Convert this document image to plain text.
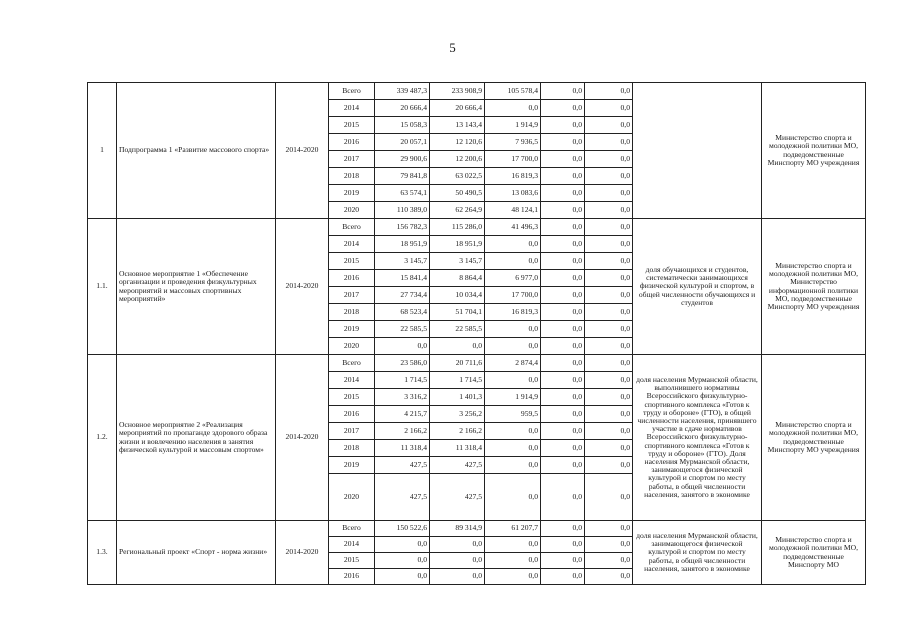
5
1	Подпрограмма 1 «Развитие массового спорта»	2014-2020	Всего	339 487,3	233 908,9	105 578,4	0,0	0,0		Министерство спорта и молодежной политики МО, подведомственные Минспорту МО учреждения
			2014	20 666,4	20 666,4	0,0	0,0	0,0		
			2015	15 058,3	13 143,4	1 914,9	0,0	0,0		
			2016	20 057,1	12 120,6	7 936,5	0,0	0,0		
			2017	29 900,6	12 200,6	17 700,0	0,0	0,0		
			2018	79 841,8	63 022,5	16 819,3	0,0	0,0		
			2019	63 574,1	50 490,5	13 083,6	0,0	0,0		
			2020	110 389,0	62 264,9	48 124,1	0,0	0,0		
1.1.	Основное мероприятие 1 «Обеспечение организации и проведения физкультурных мероприятий и массовых спортивных мероприятий»	2014-2020	Всего	156 782,3	115 286,0	41 496,3	0,0	0,0	доля обучающихся и студентов, систематически занимающихся физической культурой и спортом, в общей численности обучающихся и студентов	Министерство спорта и молодежной политики МО, Министерство информационной политики МО, подведомственные Минспорту МО учреждения
			2014	18 951,9	18 951,9	0,0	0,0	0,0		
			2015	3 145,7	3 145,7	0,0	0,0	0,0		
			2016	15 841,4	8 864,4	6 977,0	0,0	0,0		
			2017	27 734,4	10 034,4	17 700,0	0,0	0,0		
			2018	68 523,4	51 704,1	16 819,3	0,0	0,0		
			2019	22 585,5	22 585,5	0,0	0,0	0,0		
			2020	0,0	0,0	0,0	0,0	0,0		
1.2.	Основное мероприятие 2 «Реализация мероприятий по пропаганде здорового образа жизни и вовлечению населения в занятия физической культурой и массовым спортом»	2014-2020	Всего	23 586,0	20 711,6	2 874,4	0,0	0,0	доля населения Мурманской области, выполнившего нормативы Всероссийского физкультурно-спортивного комплекса «Готов к труду и обороне» (ГТО), в общей численности населения, принявшего участие в сдаче нормативов Всероссийского физкультурно-спортивного комплекса «Готов к труду и обороне» (ГТО). Доля населения Мурманской области, занимающегося физической культурой и спортом по месту работы, в общей численности населения, занятого в экономике	Министерство спорта и молодежной политики МО, подведомственные Минспорту МО учреждения
			2014	1 714,5	1 714,5	0,0	0,0	0,0		
			2015	3 316,2	1 401,3	1 914,9	0,0	0,0		
			2016	4 215,7	3 256,2	959,5	0,0	0,0		
			2017	2 166,2	2 166,2	0,0	0,0	0,0		
			2018	11 318,4	11 318,4	0,0	0,0	0,0		
			2019	427,5	427,5	0,0	0,0	0,0		
			2020	427,5	427,5	0,0	0,0	0,0		
1.3.	Региональный проект «Спорт - норма жизни»	2014-2020	Всего	150 522,6	89 314,9	61 207,7	0,0	0,0	доля населения Мурманской области, занимающегося физической культурой и спортом по месту работы, в общей численности населения, занятого в экономике	Министерство спорта и молодежной политики МО, подведомственные Минспорту МО
			2014	0,0	0,0	0,0	0,0	0,0		
			2015	0,0	0,0	0,0	0,0	0,0		
			2016	0,0	0,0	0,0	0,0	0,0		
